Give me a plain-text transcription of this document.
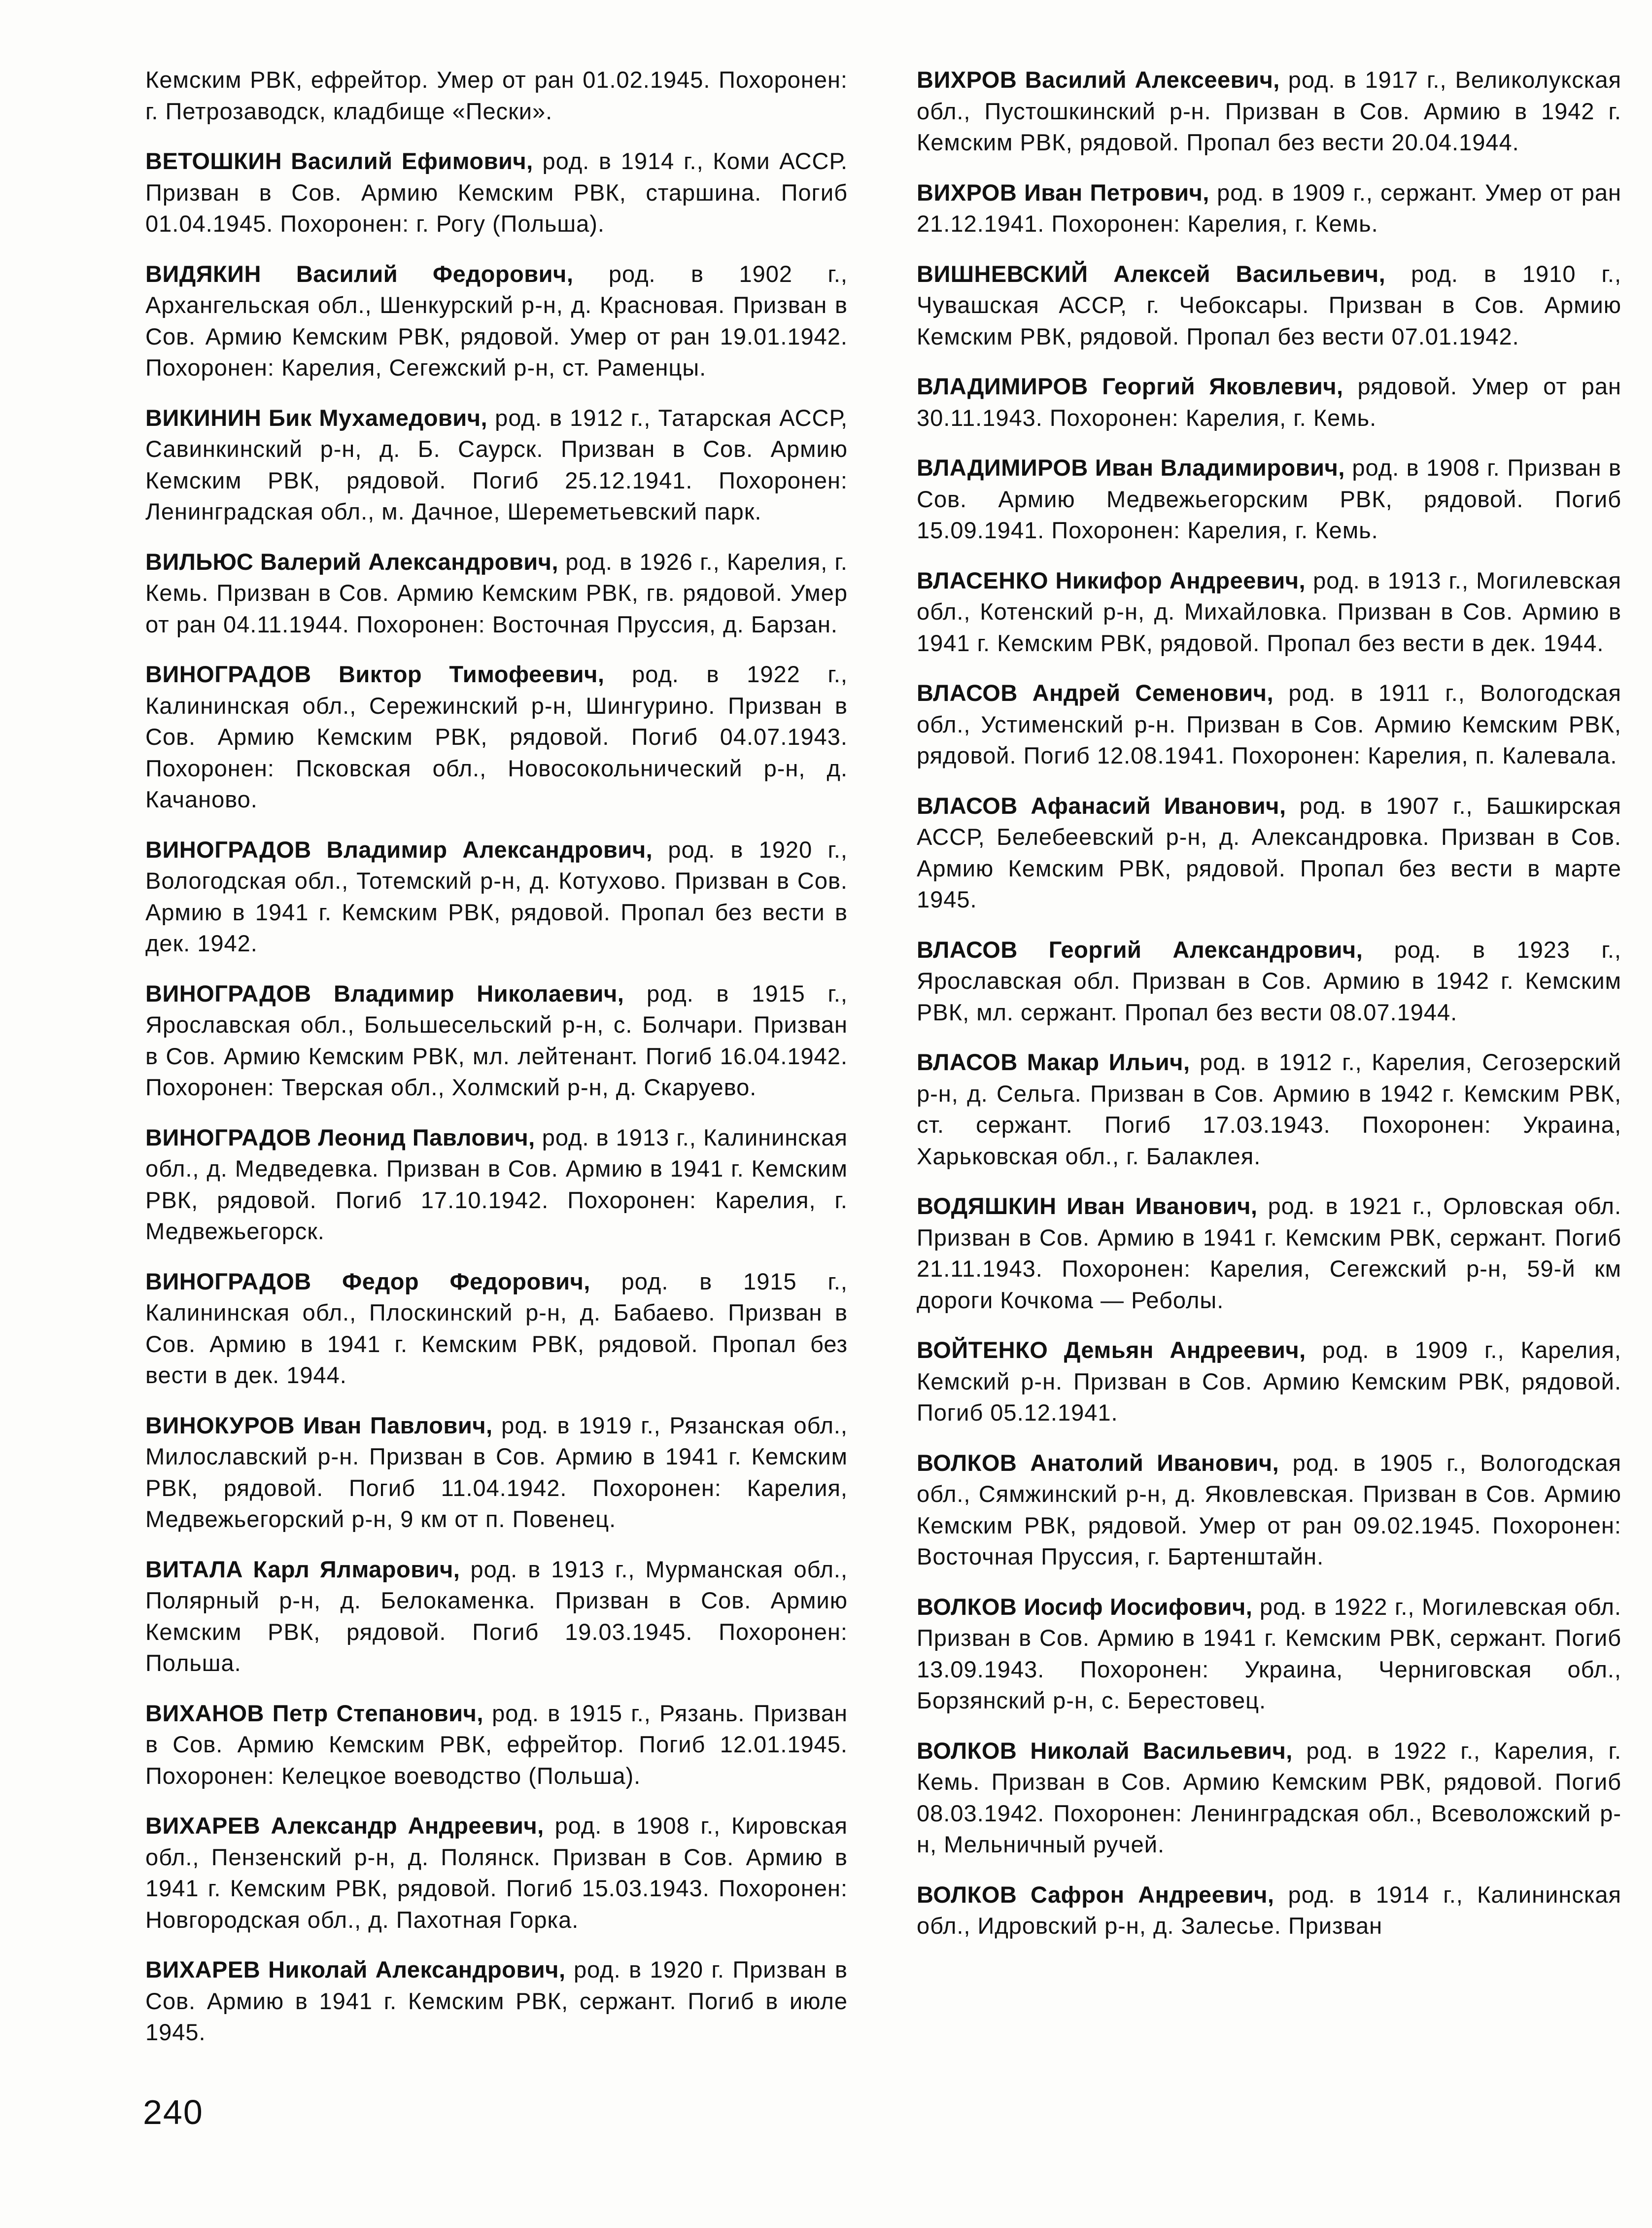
Кемским РВК, ефрейтор. Умер от ран 01.02.1945. Похоронен: г. Петрозаводск, кладбище «Пески».

ВЕТОШКИН Василий Ефимович, род. в 1914 г., Коми АССР. Призван в Сов. Армию Кемским РВК, старшина. Погиб 01.04.1945. Похоронен: г. Рогу (Польша).

ВИДЯКИН Василий Федорович, род. в 1902 г., Архангельская обл., Шенкурский р-н, д. Красновая. Призван в Сов. Армию Кемским РВК, рядовой. Умер от ран 19.01.1942. Похоронен: Карелия, Сегежский р-н, ст. Раменцы.

ВИКИНИН Бик Мухамедович, род. в 1912 г., Татарская АССР, Савинкинский р-н, д. Б. Саурск. Призван в Сов. Армию Кемским РВК, рядовой. Погиб 25.12.1941. Похоронен: Ленинградская обл., м. Дачное, Шереметьевский парк.

ВИЛЬЮС Валерий Александрович, род. в 1926 г., Карелия, г. Кемь. Призван в Сов. Армию Кемским РВК, гв. рядовой. Умер от ран 04.11.1944. Похоронен: Восточная Пруссия, д. Барзан.

ВИНОГРАДОВ Виктор Тимофеевич, род. в 1922 г., Калининская обл., Сережинский р-н, Шингурино. Призван в Сов. Армию Кемским РВК, рядовой. Погиб 04.07.1943. Похоронен: Псковская обл., Новосокольнический р-н, д. Качаново.

ВИНОГРАДОВ Владимир Александрович, род. в 1920 г., Вологодская обл., Тотемский р-н, д. Котухово. Призван в Сов. Армию в 1941 г. Кемским РВК, рядовой. Пропал без вести в дек. 1942.

ВИНОГРАДОВ Владимир Николаевич, род. в 1915 г., Ярославская обл., Большесельский р-н, с. Болчари. Призван в Сов. Армию Кемским РВК, мл. лейтенант. Погиб 16.04.1942. Похоронен: Тверская обл., Холмский р-н, д. Скаруево.

ВИНОГРАДОВ Леонид Павлович, род. в 1913 г., Калининская обл., д. Медведевка. Призван в Сов. Армию в 1941 г. Кемским РВК, рядовой. Погиб 17.10.1942. Похоронен: Карелия, г. Медвежьегорск.

ВИНОГРАДОВ Федор Федорович, род. в 1915 г., Калининская обл., Плоскинский р-н, д. Бабаево. Призван в Сов. Армию в 1941 г. Кемским РВК, рядовой. Пропал без вести в дек. 1944.

ВИНОКУРОВ Иван Павлович, род. в 1919 г., Рязанская обл., Милославский р-н. Призван в Сов. Армию в 1941 г. Кемским РВК, рядовой. Погиб 11.04.1942. Похоронен: Карелия, Медвежьегорский р-н, 9 км от п. Повенец.

ВИТАЛА Карл Ялмарович, род. в 1913 г., Мурманская обл., Полярный р-н, д. Белокаменка. Призван в Сов. Армию Кемским РВК, рядовой. Погиб 19.03.1945. Похоронен: Польша.

ВИХАНОВ Петр Степанович, род. в 1915 г., Рязань. Призван в Сов. Армию Кемским РВК, ефрейтор. Погиб 12.01.1945. Похоронен: Келецкое воеводство (Польша).

ВИХАРЕВ Александр Андреевич, род. в 1908 г., Кировская обл., Пензенский р-н, д. Полянск. Призван в Сов. Армию в 1941 г. Кемским РВК, рядовой. Погиб 15.03.1943. Похоронен: Новгородская обл., д. Пахотная Горка.

ВИХАРЕВ Николай Александрович, род. в 1920 г. Призван в Сов. Армию в 1941 г. Кемским РВК, сержант. Погиб в июле 1945.

ВИХРОВ Василий Алексеевич, род. в 1917 г., Великолукская обл., Пустошкинский р-н. Призван в Сов. Армию в 1942 г. Кемским РВК, рядовой. Пропал без вести 20.04.1944.

ВИХРОВ Иван Петрович, род. в 1909 г., сержант. Умер от ран 21.12.1941. Похоронен: Карелия, г. Кемь.

ВИШНЕВСКИЙ Алексей Васильевич, род. в 1910 г., Чувашская АССР, г. Чебоксары. Призван в Сов. Армию Кемским РВК, рядовой. Пропал без вести 07.01.1942.

ВЛАДИМИРОВ Георгий Яковлевич, рядовой. Умер от ран 30.11.1943. Похоронен: Карелия, г. Кемь.

ВЛАДИМИРОВ Иван Владимирович, род. в 1908 г. Призван в Сов. Армию Медвежьегорским РВК, рядовой. Погиб 15.09.1941. Похоронен: Карелия, г. Кемь.

ВЛАСЕНКО Никифор Андреевич, род. в 1913 г., Могилевская обл., Котенский р-н, д. Михайловка. Призван в Сов. Армию в 1941 г. Кемским РВК, рядовой. Пропал без вести в дек. 1944.

ВЛАСОВ Андрей Семенович, род. в 1911 г., Вологодская обл., Устименский р-н. Призван в Сов. Армию Кемским РВК, рядовой. Погиб 12.08.1941. Похоронен: Карелия, п. Калевала.

ВЛАСОВ Афанасий Иванович, род. в 1907 г., Башкирская АССР, Белебеевский р-н, д. Александровка. Призван в Сов. Армию Кемским РВК, рядовой. Пропал без вести в марте 1945.

ВЛАСОВ Георгий Александрович, род. в 1923 г., Ярославская обл. Призван в Сов. Армию в 1942 г. Кемским РВК, мл. сержант. Пропал без вести 08.07.1944.

ВЛАСОВ Макар Ильич, род. в 1912 г., Карелия, Сегозерский р-н, д. Сельга. Призван в Сов. Армию в 1942 г. Кемским РВК, ст. сержант. Погиб 17.03.1943. Похоронен: Украина, Харьковская обл., г. Балаклея.

ВОДЯШКИН Иван Иванович, род. в 1921 г., Орловская обл. Призван в Сов. Армию в 1941 г. Кемским РВК, сержант. Погиб 21.11.1943. Похоронен: Карелия, Сегежский р-н, 59-й км дороги Кочкома — Реболы.

ВОЙТЕНКО Демьян Андреевич, род. в 1909 г., Карелия, Кемский р-н. Призван в Сов. Армию Кемским РВК, рядовой. Погиб 05.12.1941.

ВОЛКОВ Анатолий Иванович, род. в 1905 г., Вологодская обл., Сямжинский р-н, д. Яковлевская. Призван в Сов. Армию Кемским РВК, рядовой. Умер от ран 09.02.1945. Похоронен: Восточная Пруссия, г. Бартенштайн.

ВОЛКОВ Иосиф Иосифович, род. в 1922 г., Могилевская обл. Призван в Сов. Армию в 1941 г. Кемским РВК, сержант. Погиб 13.09.1943. Похоронен: Украина, Черниговская обл., Борзянский р-н, с. Берестовец.

ВОЛКОВ Николай Васильевич, род. в 1922 г., Карелия, г. Кемь. Призван в Сов. Армию Кемским РВК, рядовой. Погиб 08.03.1942. Похоронен: Ленинградская обл., Всеволожский р-н, Мельничный ручей.

ВОЛКОВ Сафрон Андреевич, род. в 1914 г., Калининская обл., Идровский р-н, д. Залесье. Призван

240
